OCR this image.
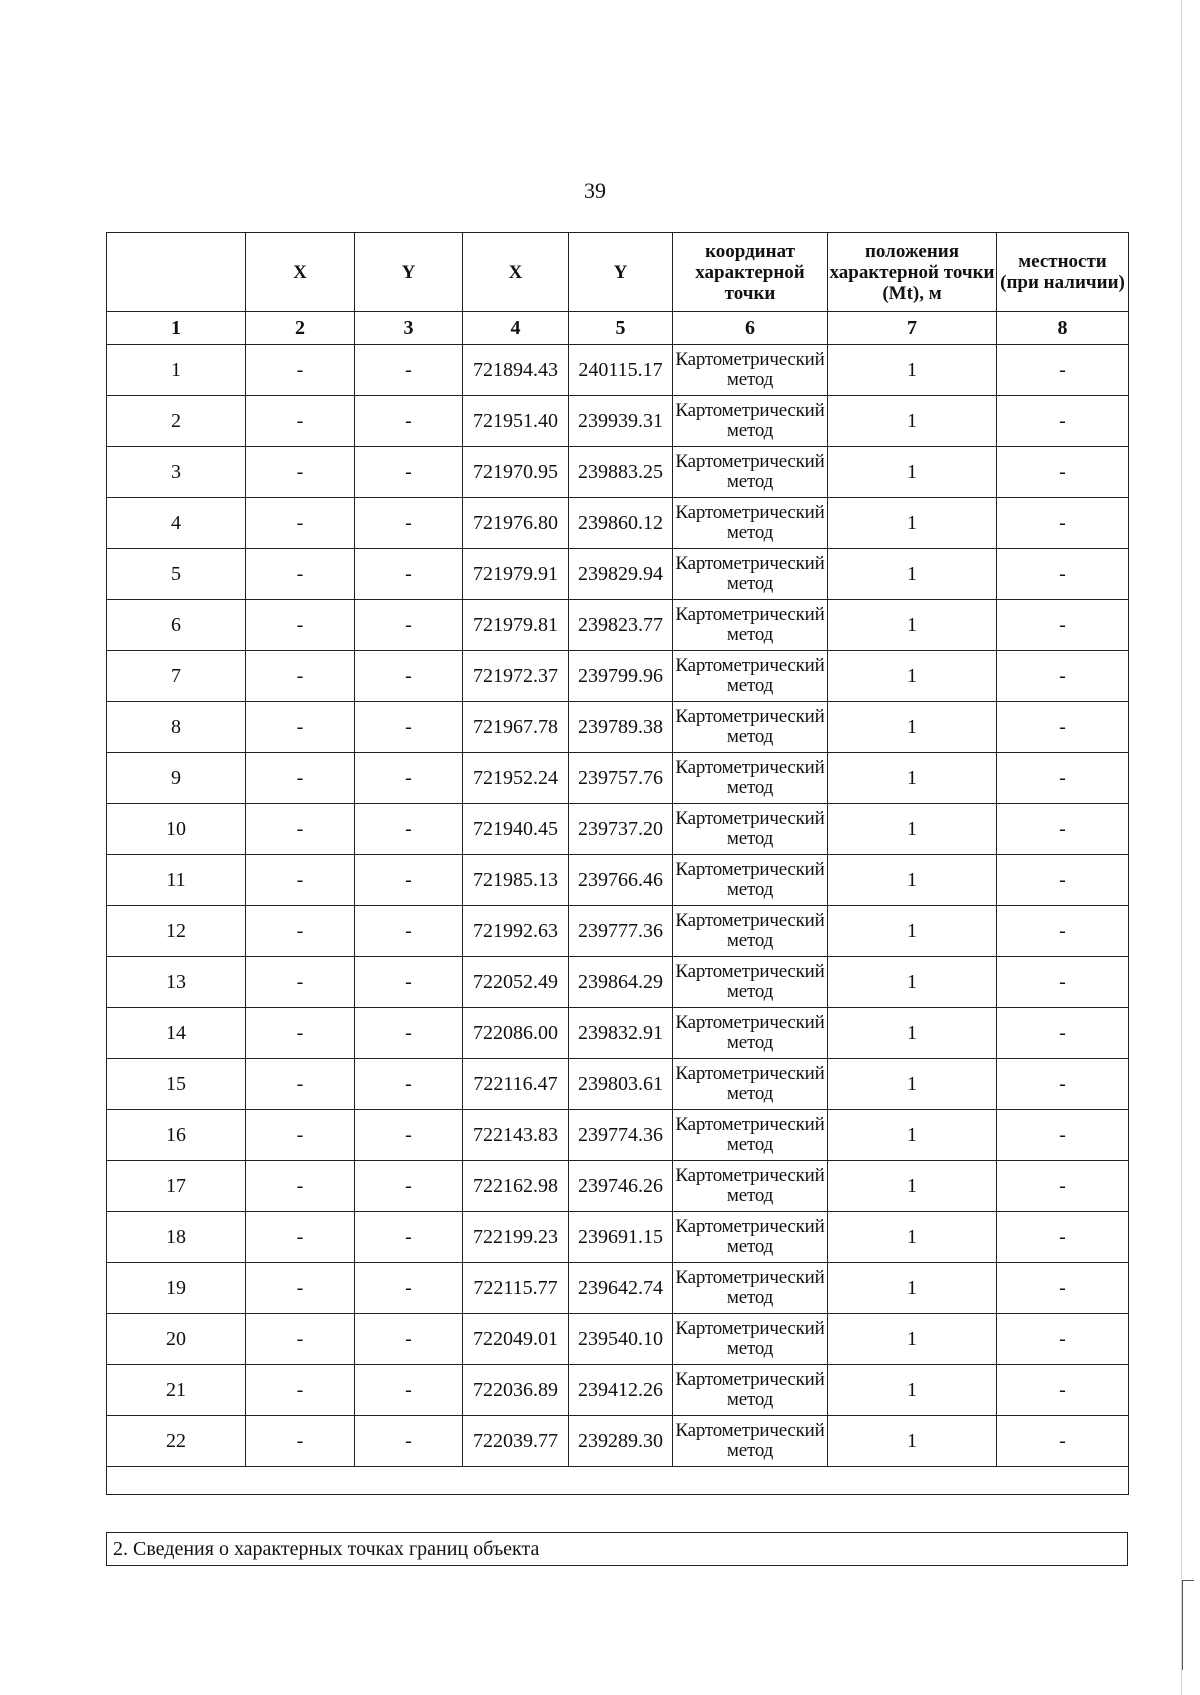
39
	X	Y	X	Y	координат характерной точки	положения характерной точки (Mt), м	местности (при наличии)
1	2	3	4	5	6	7	8
1	-	-	721894.43	240115.17	Картометрический метод	1	-
2	-	-	721951.40	239939.31	Картометрический метод	1	-
3	-	-	721970.95	239883.25	Картометрический метод	1	-
4	-	-	721976.80	239860.12	Картометрический метод	1	-
5	-	-	721979.91	239829.94	Картометрический метод	1	-
6	-	-	721979.81	239823.77	Картометрический метод	1	-
7	-	-	721972.37	239799.96	Картометрический метод	1	-
8	-	-	721967.78	239789.38	Картометрический метод	1	-
9	-	-	721952.24	239757.76	Картометрический метод	1	-
10	-	-	721940.45	239737.20	Картометрический метод	1	-
11	-	-	721985.13	239766.46	Картометрический метод	1	-
12	-	-	721992.63	239777.36	Картометрический метод	1	-
13	-	-	722052.49	239864.29	Картометрический метод	1	-
14	-	-	722086.00	239832.91	Картометрический метод	1	-
15	-	-	722116.47	239803.61	Картометрический метод	1	-
16	-	-	722143.83	239774.36	Картометрический метод	1	-
17	-	-	722162.98	239746.26	Картометрический метод	1	-
18	-	-	722199.23	239691.15	Картометрический метод	1	-
19	-	-	722115.77	239642.74	Картометрический метод	1	-
20	-	-	722049.01	239540.10	Картометрический метод	1	-
21	-	-	722036.89	239412.26	Картометрический метод	1	-
22	-	-	722039.77	239289.30	Картометрический метод	1	-

2. Сведения о характерных точках границ объекта
